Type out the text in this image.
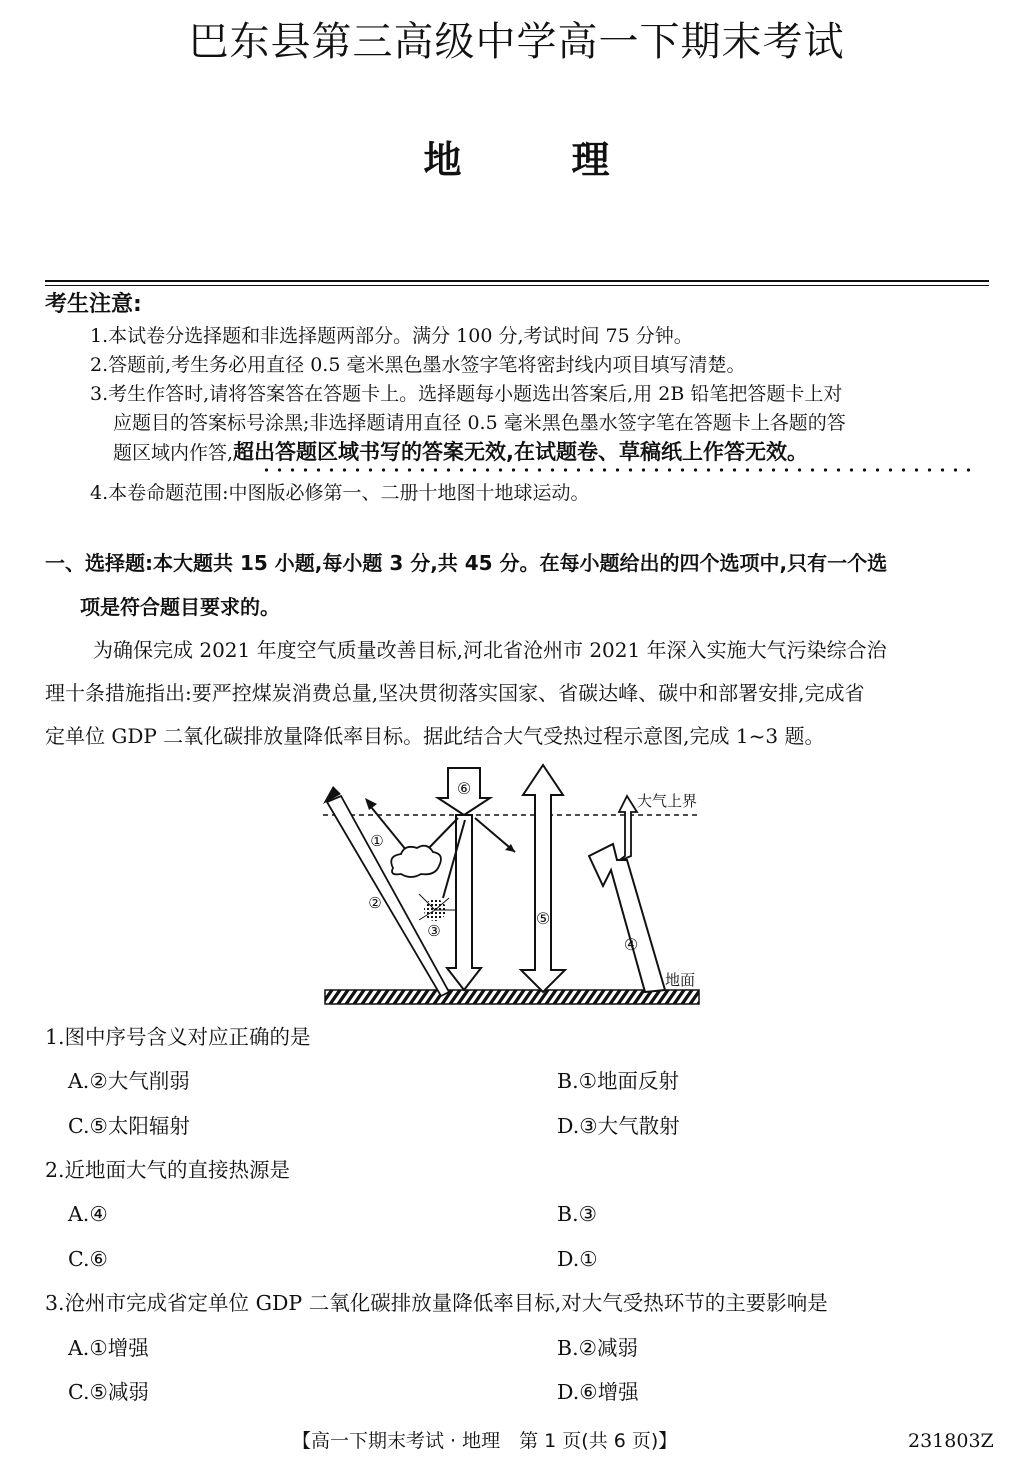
巴东县第三高级中学高一下期末考试
地理
考生注意:
1.本试卷分选择题和非选择题两部分。满分 100 分,考试时间 75 分钟。
2.答题前,考生务必用直径 0.5 毫米黑色墨水签字笔将密封线内项目填写清楚。
3.考生作答时,请将答案答在答题卡上。选择题每小题选出答案后,用 2B 铅笔把答题卡上对
应题目的答案标号涂黑;非选择题请用直径 0.5 毫米黑色墨水签字笔在答题卡上各题的答
题区域内作答,超出答题区域书写的答案无效,在试题卷、草稿纸上作答无效。
4.本卷命题范围:中图版必修第一、二册十地图十地球运动。
一、选择题:本大题共 15 小题,每小题 3 分,共 45 分。在每小题给出的四个选项中,只有一个选
项是符合题目要求的。
为确保完成 2021 年度空气质量改善目标,河北省沧州市 2021 年深入实施大气污染综合治
理十条措施指出:要严控煤炭消费总量,坚决贯彻落实国家、省碳达峰、碳中和部署安排,完成省
定单位 GDP 二氧化碳排放量降低率目标。据此结合大气受热过程示意图,完成 1~3 题。
大气上界
地面
⑥
①
②
③
⑤
④
1.图中序号含义对应正确的是
A.②大气削弱	B.①地面反射
C.⑤太阳辐射	D.③大气散射
2.近地面大气的直接热源是
A.④	B.③
C.⑥	D.①
3.沧州市完成省定单位 GDP 二氧化碳排放量降低率目标,对大气受热环节的主要影响是
A.①增强	B.②减弱
C.⑤减弱	D.⑥增强
【高一下期末考试 · 地理　第 1 页(共 6 页)】	231803Z
